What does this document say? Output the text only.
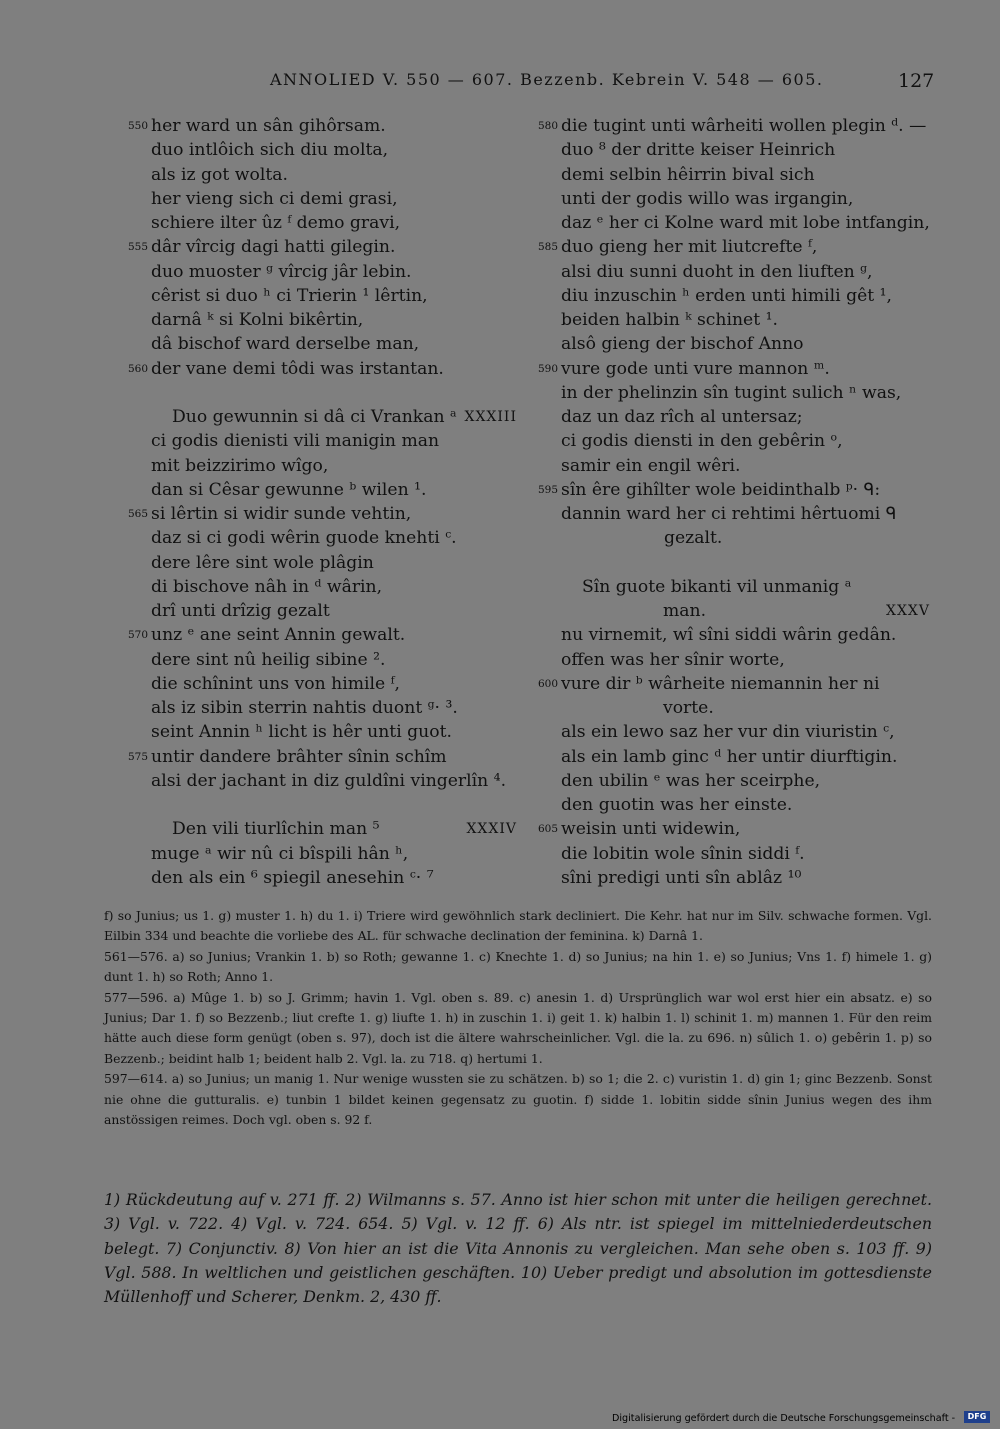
ANNOLIED V. 550 — 607. Bezzenb. Kebrein V. 548 — 605.	127
550 her ward un sân gihôrsam.
duo intlôich sich diu molta,
als iz got wolta.
her vieng sich ci demi grasi,
schiere ilter ûz ᶠ demo gravi,
555 dâr vîrcig dagi hatti gilegin.
duo muoster ᵍ vîrcig jâr lebin.
cêrist si duo ʰ ci Trierin ¹ lêrtin,
darnâ ᵏ si Kolni bikêrtin,
dâ bischof ward derselbe man,
560 der vane demi tôdi was irstantan.
Duo gewunnin si dâ ci Vrankan ᵃ XXXIII
ci godis dienisti vili manigin man
mit beizzirimo wîgo,
dan si Cêsar gewunne ᵇ wilen ¹.
565 si lêrtin si widir sunde vehtin,
daz si ci godi wêrin guode knehti ᶜ.
dere lêre sint wole plâgin
di bischove nâh in ᵈ wârin,
drî unti drîzig gezalt
570 unz ᵉ ane seint Annin gewalt.
dere sint nû heilig sibine ².
die schînint uns von himile ᶠ,
als iz sibin sterrin nahtis duont ᵍ· ³.
seint Annin ʰ licht is hêr unti guot.
575 untir dandere brâhter sînin schîm
alsi der jachant in diz guldîni vingerlîn ⁴.
Den vili tiurlîchin man ⁵	XXXIV
muge ᵃ wir nû ci bîspili hân ʰ,
den als ein ⁶ spiegil anesehin ᶜ· ⁷
580 die tugint unti wârheiti wollen plegin ᵈ. —
duo ⁸ der dritte keiser Heinrich
demi selbin hêirrin bival sich
unti der godis willo was irgangin,
daz ᵉ her ci Kolne ward mit lobe intfangin,
585 duo gieng her mit liutcrefte ᶠ,
alsi diu sunni duoht in den liuften ᵍ,
diu inzuschin ʰ erden unti himili gêt ¹,
beiden halbin ᵏ schinet ¹.
alsô gieng der bischof Anno
590 vure gode unti vure mannon ᵐ.
in der phelinzin sîn tugint sulich ⁿ was,
daz un daz rîch al untersaz;
ci godis diensti in den gebêrin ᵒ,
samir ein engil wêri.
595 sîn êre gihîlter wole beidinthalb ᵖ· ᑫ:
dannin ward her ci rehtimi hêrtuomi ᑫ
gezalt.
Sîn guote bikanti vil unmanig ᵃ
man.	XXXV
nu virnemit, wî sîni siddi wârin gedân.
offen was her sînir worte,
600 vure dir ᵇ wârheite niemannin her ni
vorte.
als ein lewo saz her vur din viuristin ᶜ,
als ein lamb ginc ᵈ her untir diurftigin.
den ubilin ᵉ was her sceirphe,
den guotin was her einste.
605 weisin unti widewin,
die lobitin wole sînin siddi ᶠ.
sîni predigi unti sîn ablâz ¹⁰

f) so Junius; us 1. g) muster 1. h) du 1. i) Triere wird gewöhnlich stark decliniert. Die Kehr. hat nur im Silv. schwache formen. Vgl. Eilbin 334 und beachte die vorliebe des AL. für schwache declination der feminina. k) Darnâ 1.

561—576. a) so Junius; Vrankin 1. b) so Roth; gewanne 1. c) Knechte 1. d) so Junius; na hin 1. e) so Junius; Vns 1. f) himele 1. g) dunt 1. h) so Roth; Anno 1.

577—596. a) Mûge 1. b) so J. Grimm; havin 1. Vgl. oben s. 89. c) anesin 1. d) Ursprünglich war wol erst hier ein absatz. e) so Junius; Dar 1. f) so Bezzenb.; liut crefte 1. g) liufte 1. h) in zuschin 1. i) geit 1. k) halbin 1. l) schinit 1. m) mannen 1. Für den reim hätte auch diese form genügt (oben s. 97), doch ist die ältere wahrscheinlicher. Vgl. die la. zu 696. n) sûlich 1. o) gebêrin 1. p) so Bezzenb.; beidint halb 1; beident halb 2. Vgl. la. zu 718. q) hertumi 1.

597—614. a) so Junius; un manig 1. Nur wenige wussten sie zu schätzen. b) so 1; die 2. c) vuristin 1. d) gin 1; ginc Bezzenb. Sonst nie ohne die gutturalis. e) tunbin 1 bildet keinen gegensatz zu guotin. f) sidde 1. lobitin sidde sînin Junius wegen des ihm anstössigen reimes. Doch vgl. oben s. 92 f.

1) Rückdeutung auf v. 271 ff. 2) Wilmanns s. 57. Anno ist hier schon mit unter die heiligen gerechnet. 3) Vgl. v. 722. 4) Vgl. v. 724. 654. 5) Vgl. v. 12 ff. 6) Als ntr. ist spiegel im mittelniederdeutschen belegt. 7) Conjunctiv. 8) Von hier an ist die Vita Annonis zu vergleichen. Man sehe oben s. 103 ff. 9) Vgl. 588. In weltlichen und geistlichen geschäften. 10) Ueber predigt und absolution im gottesdienste Müllenhoff und Scherer, Denkm. 2, 430 ff.

Digitalisierung gefördert durch die Deutsche Forschungsgemeinschaft -	DFG
